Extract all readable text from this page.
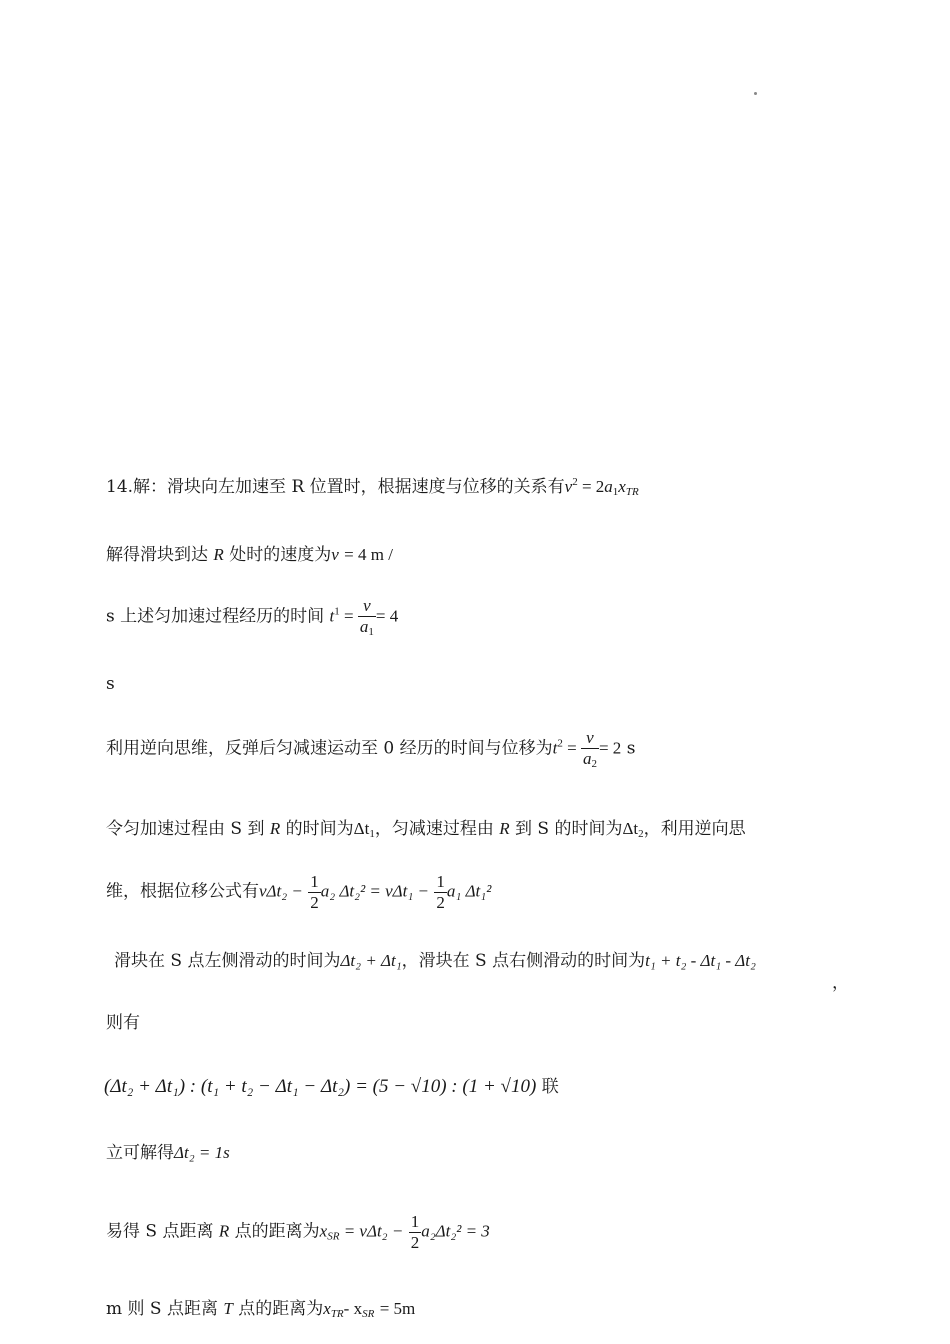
14.解：滑块向左加速至 R 位置时，根据速度与位移的关系有$v^2 = 2a_1x_{TR}$
解得滑块到达 R 处时的速度为v = 4 m /
s 上述匀加速过程经历的时间 $t^1 = \frac{v}{a_1} = 4$
s
利用逆向思维，反弹后匀减速运动至 0 经历的时间与位移为$t^2 = \frac{v}{a_2} = 2$ s
令匀加速过程由 S 到 R 的时间为$\Delta t_1$，匀减速过程由 R 到 S 的时间为$\Delta t_2$，利用逆向思
维，根据位移公式有$v\Delta t_2 - \frac{1}{2} a_2$ $\Delta t_2^2 = v\Delta t_1 - \frac{1}{2} a_1$ Δt₁²
滑块在 S 点左侧滑动的时间为Δt₂ + Δt₁，滑块在 S 点右侧滑动的时间为t₁ + t₂ - Δt₁ - Δt₂
，
则有
(Δt₂ + Δt₁) : (t₁ + t₂ − Δt₁ − Δt₂) = (5 − √10) : (1 + √10) 联
立可解得Δt₂ = 1s
易得 S 点距离 R 点的距离为$x_{SR} = v\Delta t_2 - \frac{1}{2} a_2\Delta t_2^2 = 3$
m 则 S 点距离 T 点的距离为$x_{TR}-$ $x_{SR} = 5m$
